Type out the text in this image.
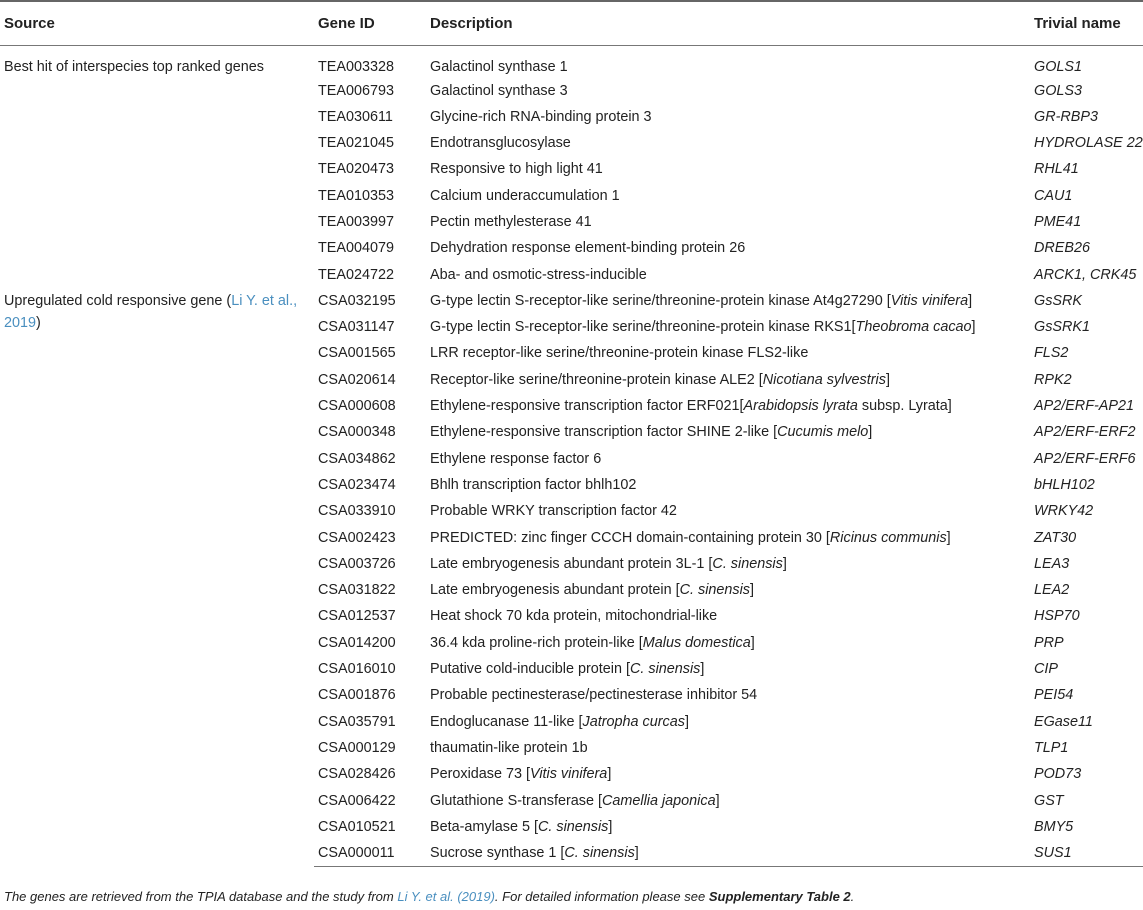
Source	Gene ID	Description	Trivial name
Best hit of interspecies top ranked genes	TEA003328	Galactinol synthase 1	GOLS1
	TEA006793	Galactinol synthase 3	GOLS3
	TEA030611	Glycine-rich RNA-binding protein 3	GR-RBP3
	TEA021045	Endotransglucosylase	HYDROLASE 22
	TEA020473	Responsive to high light 41	RHL41
	TEA010353	Calcium underaccumulation 1	CAU1
	TEA003997	Pectin methylesterase 41	PME41
	TEA004079	Dehydration response element-binding protein 26	DREB26
	TEA024722	Aba- and osmotic-stress-inducible	ARCK1, CRK45
Upregulated cold responsive gene (Li Y. et al., 2019)	CSA032195	G-type lectin S-receptor-like serine/threonine-protein kinase At4g27290 [Vitis vinifera]	GsSRK
	CSA031147	G-type lectin S-receptor-like serine/threonine-protein kinase RKS1[Theobroma cacao]	GsSRK1
	CSA001565	LRR receptor-like serine/threonine-protein kinase FLS2-like	FLS2
	CSA020614	Receptor-like serine/threonine-protein kinase ALE2 [Nicotiana sylvestris]	RPK2
	CSA000608	Ethylene-responsive transcription factor ERF021[Arabidopsis lyrata subsp. Lyrata]	AP2/ERF-AP21
	CSA000348	Ethylene-responsive transcription factor SHINE 2-like [Cucumis melo]	AP2/ERF-ERF2
	CSA034862	Ethylene response factor 6	AP2/ERF-ERF6
	CSA023474	Bhlh transcription factor bhlh102	bHLH102
	CSA033910	Probable WRKY transcription factor 42	WRKY42
	CSA002423	PREDICTED: zinc finger CCCH domain-containing protein 30 [Ricinus communis]	ZAT30
	CSA003726	Late embryogenesis abundant protein 3L-1 [C. sinensis]	LEA3
	CSA031822	Late embryogenesis abundant protein [C. sinensis]	LEA2
	CSA012537	Heat shock 70 kda protein, mitochondrial-like	HSP70
	CSA014200	36.4 kda proline-rich protein-like [Malus domestica]	PRP
	CSA016010	Putative cold-inducible protein [C. sinensis]	CIP
	CSA001876	Probable pectinesterase/pectinesterase inhibitor 54	PEI54
	CSA035791	Endoglucanase 11-like [Jatropha curcas]	EGase11
	CSA000129	thaumatin-like protein 1b	TLP1
	CSA028426	Peroxidase 73 [Vitis vinifera]	POD73
	CSA006422	Glutathione S-transferase [Camellia japonica]	GST
	CSA010521	Beta-amylase 5 [C. sinensis]	BMY5
	CSA000011	Sucrose synthase 1 [C. sinensis]	SUS1
The genes are retrieved from the TPIA database and the study from Li Y. et al. (2019). For detailed information please see Supplementary Table 2.
